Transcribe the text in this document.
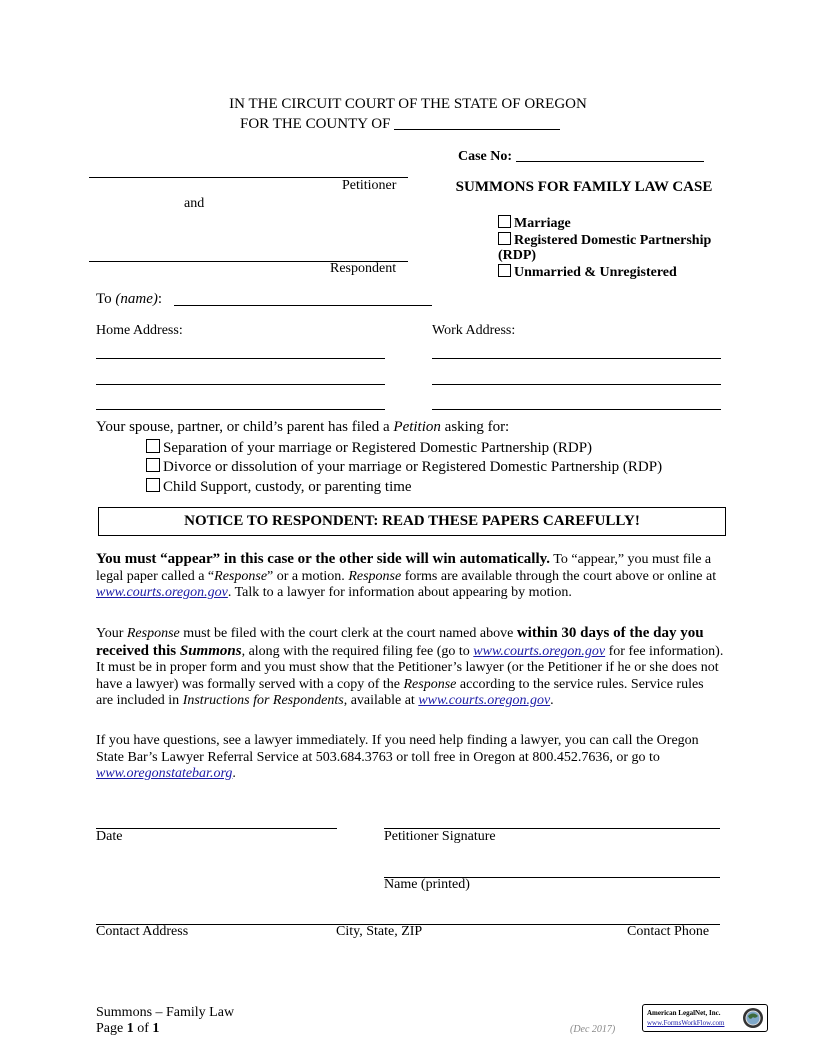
IN THE CIRCUIT COURT OF THE STATE OF OREGON
FOR THE COUNTY OF
Case No:
Petitioner
and
Respondent
SUMMONS FOR FAMILY LAW CASE
Marriage
Registered Domestic Partnership (RDP)
Unmarried & Unregistered
To (name):
Home Address:	Work Address:
Your spouse, partner, or child’s parent has filed a Petition asking for:
Separation of your marriage or Registered Domestic Partnership (RDP)
Divorce or dissolution of your marriage or Registered Domestic Partnership (RDP)
Child Support, custody, or parenting time
NOTICE TO RESPONDENT: READ THESE PAPERS CAREFULLY!
You must “appear” in this case or the other side will win automatically. To “appear,” you must file a legal paper called a “Response” or a motion. Response forms are available through the court above or online at www.courts.oregon.gov. Talk to a lawyer for information about appearing by motion.
Your Response must be filed with the court clerk at the court named above within 30 days of the day you received this Summons, along with the required filing fee (go to www.courts.oregon.gov for fee information). It must be in proper form and you must show that the Petitioner’s lawyer (or the Petitioner if he or she does not have a lawyer) was formally served with a copy of the Response according to the service rules. Service rules are included in Instructions for Respondents, available at www.courts.oregon.gov.
If you have questions, see a lawyer immediately. If you need help finding a lawyer, you can call the Oregon State Bar’s Lawyer Referral Service at 503.684.3763 or toll free in Oregon at 800.452.7636, or go to www.oregonstatebar.org.
Date	Petitioner Signature
Name (printed)
Contact Address	City, State, ZIP	Contact Phone
Summons – Family Law
Page 1 of 1	(Dec 2017)
American LegalNet, Inc.
www.FormsWorkFlow.com
